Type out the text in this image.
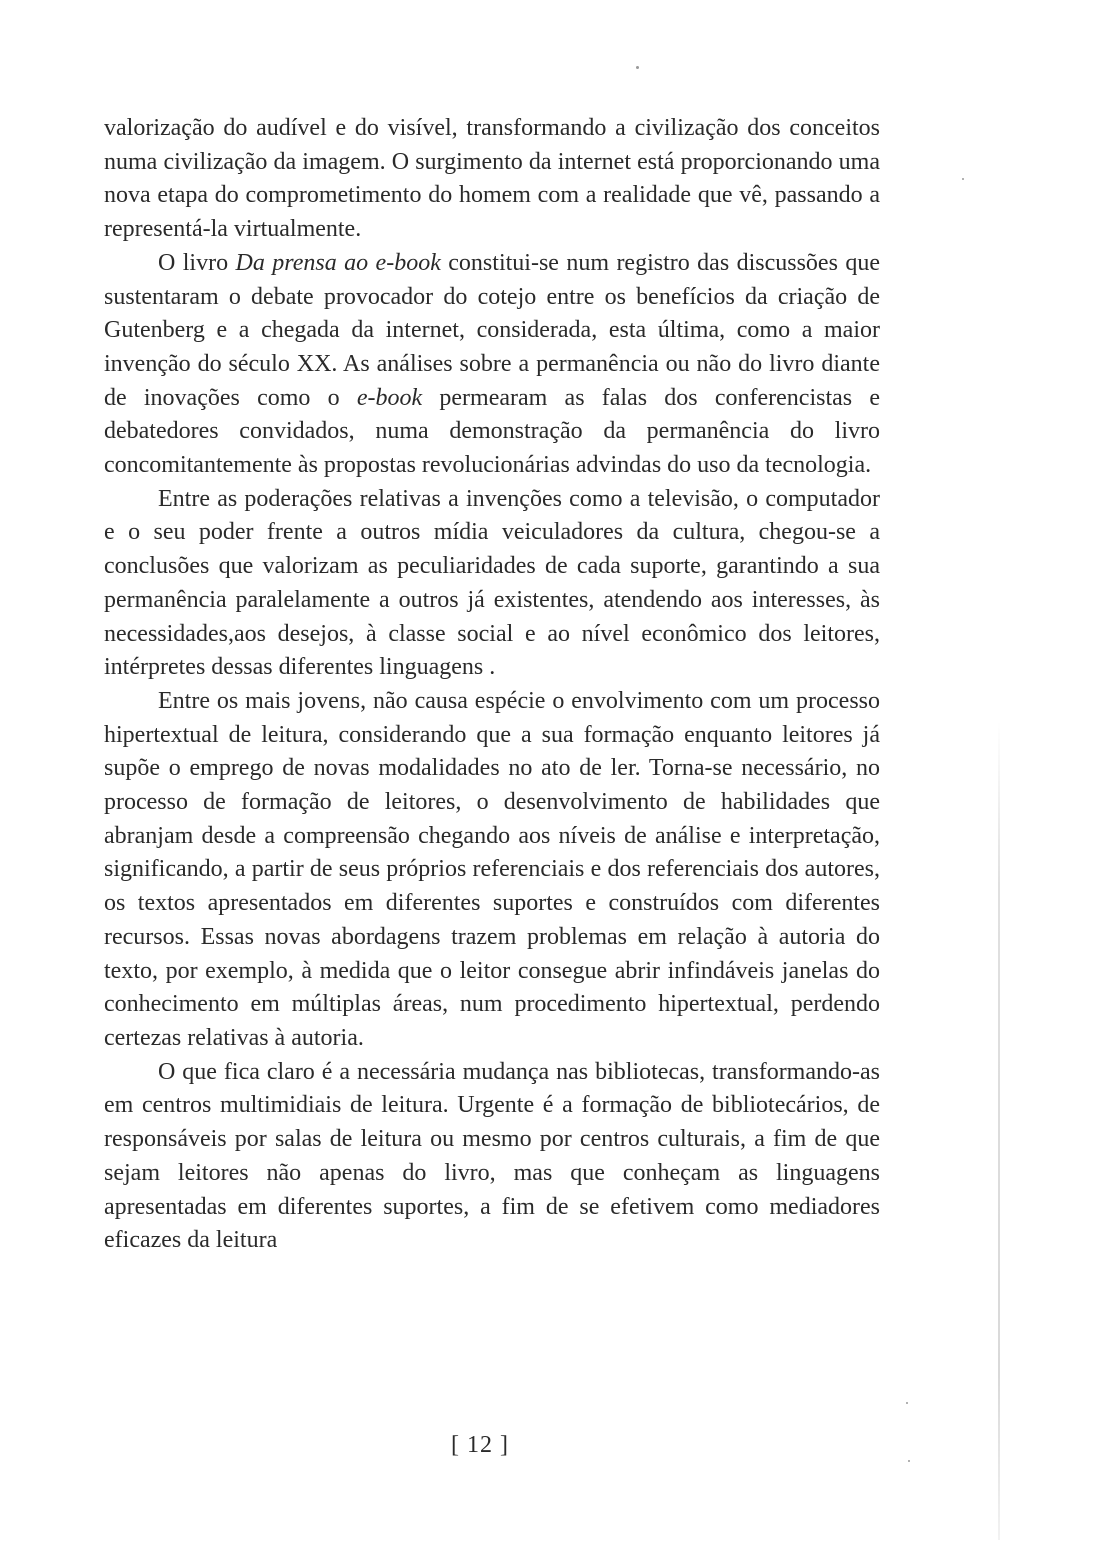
valorização do audível e do visível, transformando a civilização dos conceitos numa civilização da imagem. O surgimento da internet está proporcionando uma nova etapa do comprometimento do homem com a realidade que vê, passando a representá-la virtualmente.

O livro Da prensa ao e-book constitui-se num registro das discussões que sustentaram o debate provocador do cotejo entre os benefícios da criação de Gutenberg e a chegada da internet, considerada, esta última, como a maior invenção do século XX. As análises sobre a permanência ou não do livro diante de inovações como o e-book permearam as falas dos conferencistas e debatedores convidados, numa demonstração da permanência do livro concomitantemente às propostas revolucionárias advindas do uso da tecnologia.

Entre as poderações relativas a invenções como a televisão, o computador e o seu poder frente a outros mídia veiculadores da cultura, chegou-se a conclusões que valorizam as peculiaridades de cada suporte, garantindo a sua permanência paralelamente a outros já existentes, atendendo aos interesses, às necessidades,aos desejos, à classe social e ao nível econômico dos leitores, intérpretes dessas diferentes linguagens .

Entre os mais jovens, não causa espécie o envolvimento com um processo hipertextual de leitura, considerando que a sua formação enquanto leitores já supõe o emprego de novas modalidades no ato de ler. Torna-se necessário, no processo de formação de leitores, o desenvolvimento de habilidades que abranjam desde a compreensão chegando aos níveis de análise e interpretação, significando, a partir de seus próprios referenciais e dos referenciais dos autores, os textos apresentados em diferentes suportes e construídos com diferentes recursos. Essas novas abordagens trazem problemas em relação à autoria do texto, por exemplo, à medida que o leitor consegue abrir infindáveis janelas do conhecimento em múltiplas áreas, num procedimento hipertextual, perdendo certezas relativas à autoria.

O que fica claro é a necessária mudança nas bibliotecas, transformando-as em centros multimidiais de leitura. Urgente é a formação de bibliotecários, de responsáveis por salas de leitura ou mesmo por centros culturais, a fim de que sejam leitores não apenas do livro, mas que conheçam as linguagens apresentadas em diferentes suportes, a fim de se efetivem como mediadores eficazes da leitura

[ 12 ]
